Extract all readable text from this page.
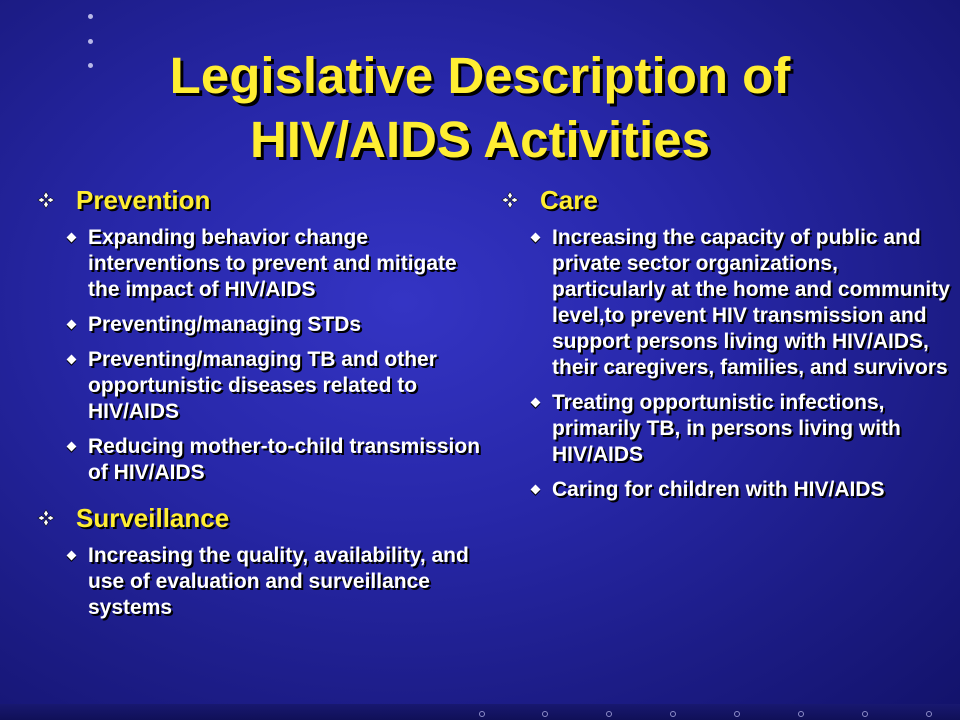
Legislative Description of
HIV/AIDS Activities
Prevention
Expanding behavior change interventions to prevent and mitigate the impact of HIV/AIDS
Preventing/managing STDs
Preventing/managing TB and other opportunistic diseases related to HIV/AIDS
Reducing mother-to-child transmission of HIV/AIDS
Surveillance
Increasing the quality, availability, and use of evaluation and surveillance systems
Care
Increasing the capacity of public and private sector organizations, particularly at the home and community level,to prevent HIV transmission and support persons living with HIV/AIDS, their caregivers, families, and survivors
Treating opportunistic infections, primarily TB, in persons living with HIV/AIDS
Caring for children with HIV/AIDS
